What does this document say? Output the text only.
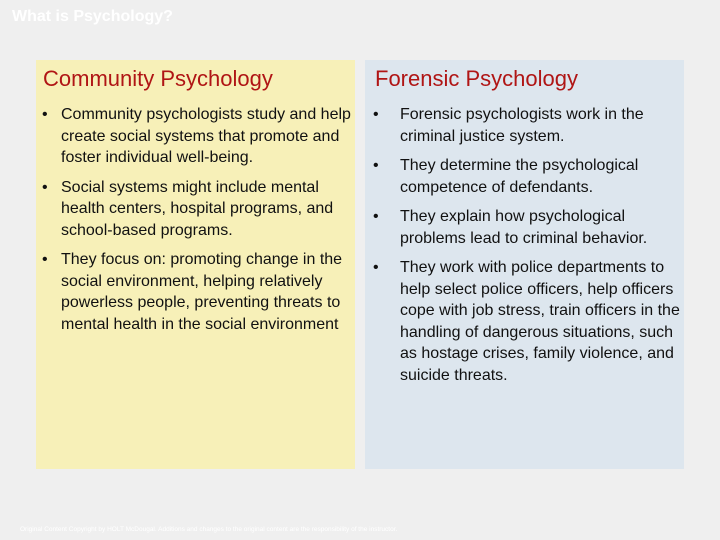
What is Psychology?
Community Psychology
• Community psychologists study and help create social systems that promote and foster individual well-being.
• Social systems might include mental health centers, hospital programs, and school-based programs.
• They focus on: promoting change in the social environment, helping relatively powerless people, preventing threats to mental health in the social environment
Forensic Psychology
• Forensic psychologists work in the criminal justice system.
• They determine the psychological competence of defendants.
• They explain how psychological problems lead to criminal behavior.
• They work with police departments to help select police officers, help officers cope with job stress, train officers in the handling of dangerous situations, such as hostage crises, family violence, and suicide threats.
Original Content Copyright by HOLT McDougal. Additions and changes to the original content are the responsibility of the instructor.
